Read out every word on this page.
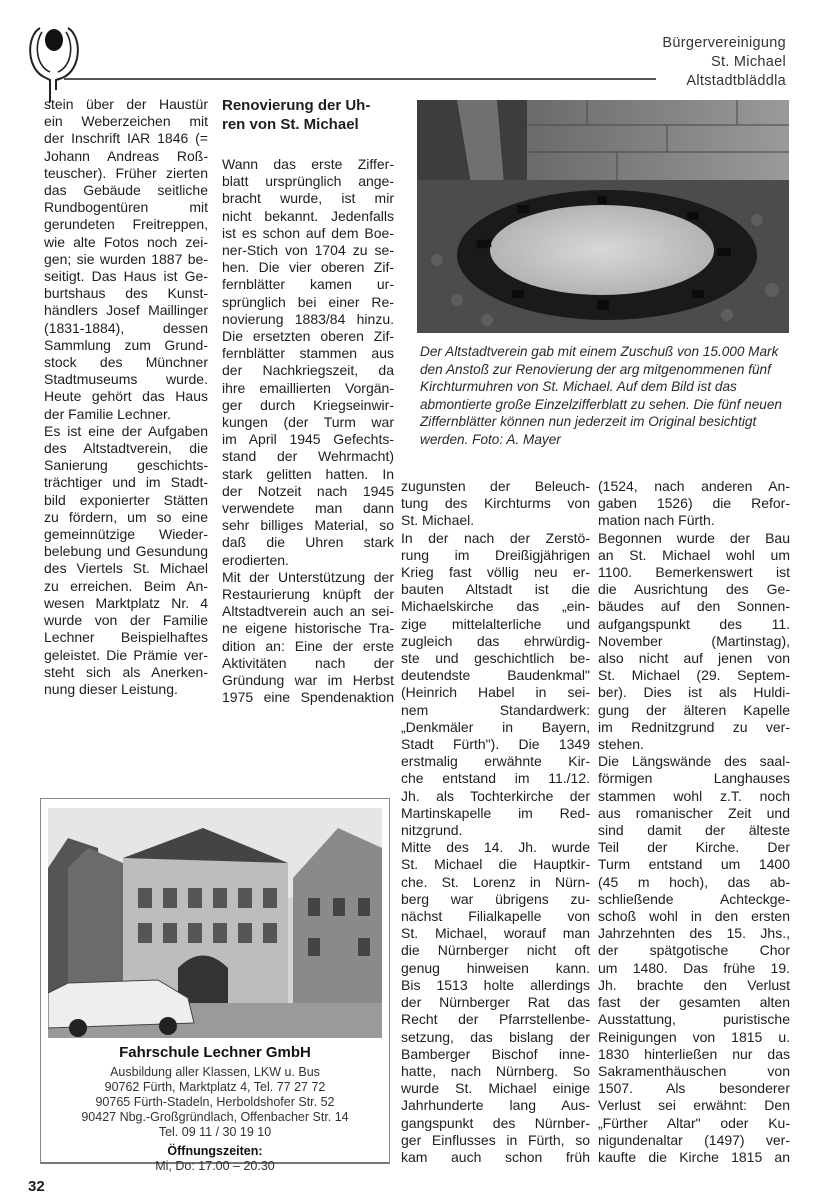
Bürgervereinigung
St. Michael
Altstadtbläddla
stein über der Haustür
ein Weberzeichen mit
der Inschrift IAR 1846 (=
Johann Andreas Roß-
teuscher). Früher zierten
das Gebäude seitliche
Rundbogentüren mit
gerundeten Freitreppen,
wie alte Fotos noch zei-
gen; sie wurden 1887 be-
seitigt. Das Haus ist Ge-
burtshaus des Kunst-
händlers Josef Maillinger
(1831-1884), dessen
Sammlung zum Grund-
stock des Münchner
Stadtmuseums wurde.
Heute gehört das Haus
der Familie Lechner.
Es ist eine der Aufgaben
des Altstadtverein, die
Sanierung geschichts-
trächtiger und im Stadt-
bild exponierter Stätten
zu fördern, um so eine
gemeinnützige Wieder-
belebung und Gesundung
des Viertels St. Michael
zu erreichen. Beim An-
wesen Marktplatz Nr. 4
wurde von der Familie
Lechner Beispielhaftes
geleistet. Die Prämie ver-
steht sich als Anerken-
nung dieser Leistung.
Renovierung der Uh-
ren von St. Michael
Wann das erste Ziffer-
blatt ursprünglich ange-
bracht wurde, ist mir
nicht bekannt. Jedenfalls
ist es schon auf dem Boe-
ner-Stich von 1704 zu se-
hen. Die vier oberen Zif-
fernblätter kamen ur-
sprünglich bei einer Re-
novierung 1883/84 hinzu.
Die ersetzten oberen Zif-
fernblätter stammen aus
der Nachkriegszeit, da
ihre emaillierten Vorgän-
ger durch Kriegseinwir-
kungen (der Turm war
im April 1945 Gefechts-
stand der Wehrmacht)
stark gelitten hatten. In
der Notzeit nach 1945
verwendete man dann
sehr billiges Material, so
daß die Uhren stark
erodierten.
Mit der Unterstützung der
Restaurierung knüpft der
Altstadtverein auch an sei-
ne eigene historische Tra-
dition an: Eine der erste
Aktivitäten nach der
Gründung war im Herbst
1975 eine Spendenaktion
zugunsten der Beleuch-
tung des Kirchturms von
St. Michael.
In der nach der Zerstö-
rung im Dreißigjährigen
Krieg fast völlig neu er-
bauten Altstadt ist die
Michaelskirche das „ein-
zige mittelalterliche und
zugleich das ehrwürdig-
ste und geschichtlich be-
deutendste Baudenkmal"
(Heinrich Habel in sei-
nem Standardwerk:
„Denkmäler in Bayern,
Stadt Fürth"). Die 1349
erstmalig erwähnte Kir-
che entstand im 11./12.
Jh. als Tochterkirche der
Martinskapelle im Red-
nitzgrund.
Mitte des 14. Jh. wurde
St. Michael die Hauptkir-
che. St. Lorenz in Nürn-
berg war übrigens zu-
nächst Filialkapelle von
St. Michael, worauf man
die Nürnberger nicht oft
genug hinweisen kann.
Bis 1513 holte allerdings
der Nürnberger Rat das
Recht der Pfarrstellenbe-
setzung, das bislang der
Bamberger Bischof inne-
hatte, nach Nürnberg. So
wurde St. Michael einige
Jahrhunderte lang Aus-
gangspunkt des Nürnber-
ger Einflusses in Fürth, so
kam auch schon früh
(1524, nach anderen An-
gaben 1526) die Refor-
mation nach Fürth.
Begonnen wurde der Bau
an St. Michael wohl um
1100. Bemerkenswert ist
die Ausrichtung des Ge-
bäudes auf den Sonnen-
aufgangspunkt des 11.
November (Martinstag),
also nicht auf jenen von
St. Michael (29. Septem-
ber). Dies ist als Huldi-
gung der älteren Kapelle
im Rednitzgrund zu ver-
stehen.
Die Längswände des saal-
förmigen Langhauses
stammen wohl z.T. noch
aus romanischer Zeit und
sind damit der älteste
Teil der Kirche. Der
Turm entstand um 1400
(45 m hoch), das ab-
schließende Achteckge-
schoß wohl in den ersten
Jahrzehnten des 15. Jhs.,
der spätgotische Chor
um 1480. Das frühe 19.
Jh. brachte den Verlust
fast der gesamten alten
Ausstattung, puristische
Reinigungen von 1815 u.
1830 hinterließen nur das
Sakramenthäuschen von
1507. Als besonderer
Verlust sei erwähnt: Den
„Fürther Altar" oder Ku-
nigundenaltar (1497) ver-
kaufte die Kirche 1815 an
Der Altstadtverein gab mit einem Zuschuß von 15.000 Mark den Anstoß zur Renovierung der arg mitgenommenen fünf Kirchturmuhren von St. Michael. Auf dem Bild ist das abmontierte große Einzelzifferblatt zu sehen. Die fünf neuen Ziffernblätter können nun jederzeit im Original besichtigt werden. Foto: A. Mayer
Fahrschule Lechner GmbH
Ausbildung aller Klassen, LKW u. Bus
90762 Fürth, Marktplatz 4, Tel. 77 27 72
90765 Fürth-Stadeln, Herboldshofer Str. 52
90427 Nbg.-Großgründlach, Offenbacher Str. 14
Tel. 09 11 / 30 19 10
Öffnungszeiten:
Mi, Do: 17.00 – 20.30
32
